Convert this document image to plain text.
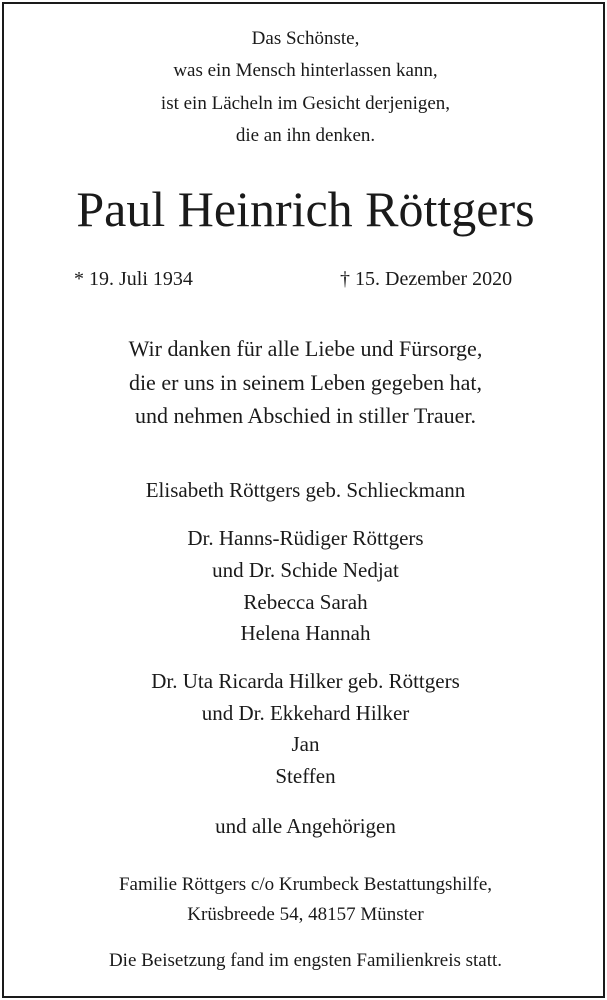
Das Schönste,
was ein Mensch hinterlassen kann,
ist ein Lächeln im Gesicht derjenigen,
die an ihn denken.
Paul Heinrich Röttgers
* 19. Juli 1934	† 15. Dezember 2020
Wir danken für alle Liebe und Fürsorge,
die er uns in seinem Leben gegeben hat,
und nehmen Abschied in stiller Trauer.
Elisabeth Röttgers geb. Schlieckmann
Dr. Hanns-Rüdiger Röttgers
und Dr. Schide Nedjat
Rebecca Sarah
Helena Hannah
Dr. Uta Ricarda Hilker geb. Röttgers
und Dr. Ekkehard Hilker
Jan
Steffen
und alle Angehörigen
Familie Röttgers c/o Krumbeck Bestattungshilfe,
Krüsbreede 54, 48157 Münster
Die Beisetzung fand im engsten Familienkreis statt.
